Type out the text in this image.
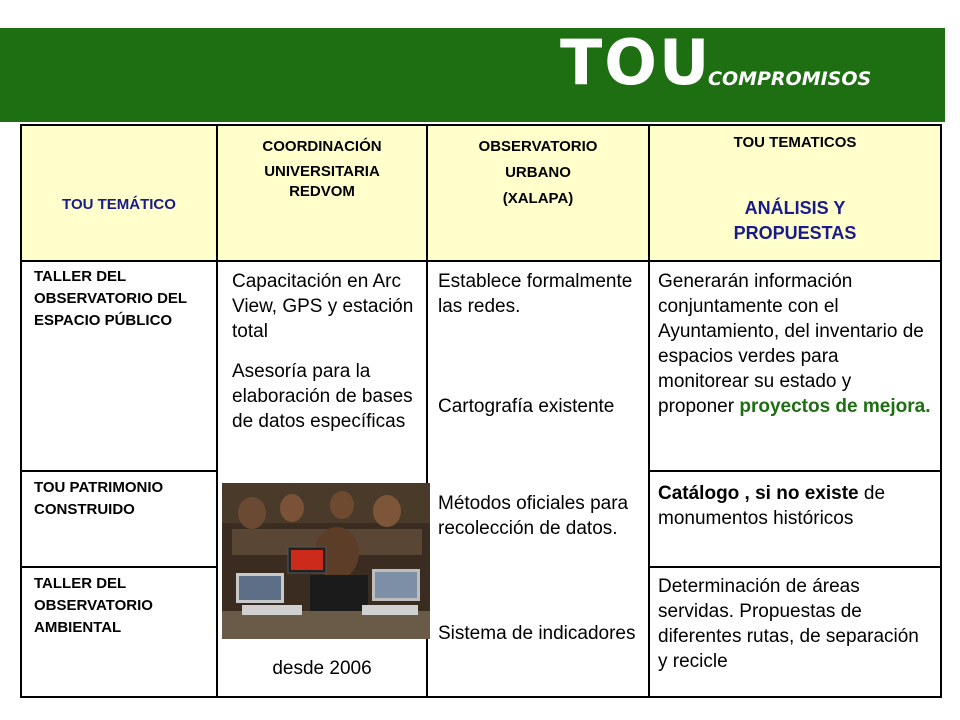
TOU
COMPROMISOS
TOU TEMÁTICO
COORDINACIÓN
UNIVERSITARIA
REDVOM
OBSERVATORIO
URBANO
(XALAPA)
TOU TEMATICOS
ANÁLISIS Y PROPUESTAS
TALLER DEL OBSERVATORIO DEL ESPACIO PÚBLICO
TOU PATRIMONIO CONSTRUIDO
TALLER DEL OBSERVATORIO AMBIENTAL
Capacitación en Arc View, GPS y estación total
Asesoría para la elaboración de bases de datos específicas
desde 2006
Establece formalmente las redes.
Cartografía existente
Métodos oficiales para recolección de datos.
Sistema de indicadores
Generarán información conjuntamente con el Ayuntamiento, del inventario de espacios verdes para monitorear su estado y proponer proyectos de mejora.
Catálogo , si no existe de monumentos históricos
Determinación de áreas servidas. Propuestas de diferentes rutas, de separación y recicle
